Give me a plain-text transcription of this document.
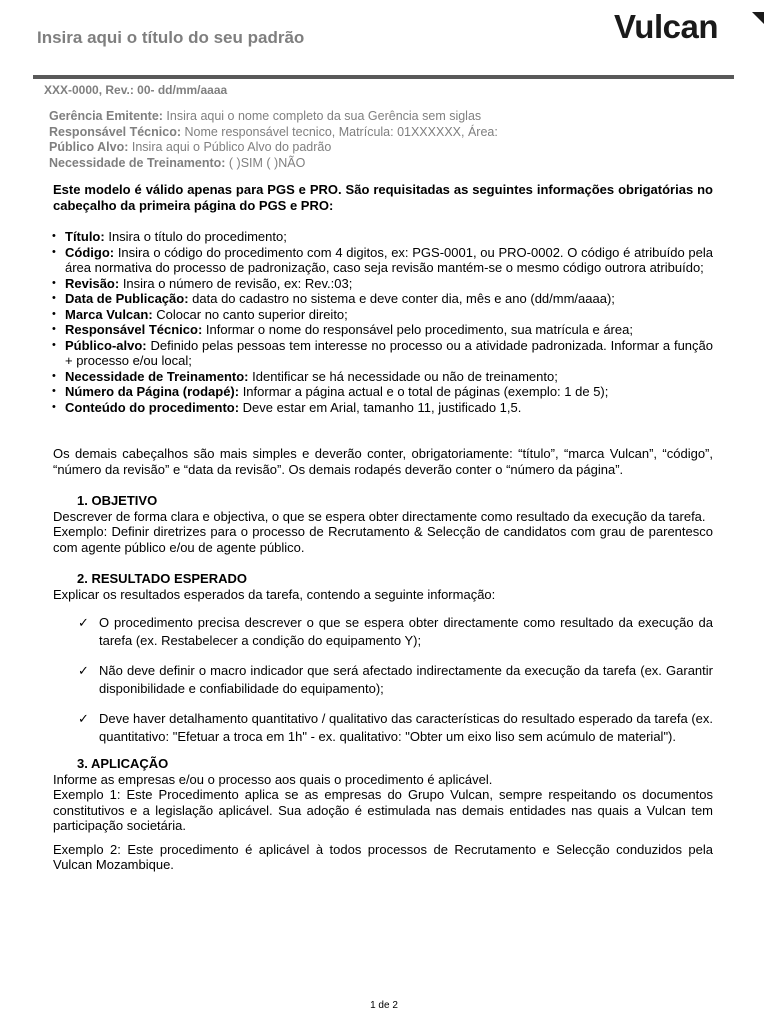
Insira aqui o título do seu padrão	Vulcan
XXX-0000, Rev.: 00- dd/mm/aaaa
Gerência Emitente: Insira aqui o nome completo da sua Gerência sem siglas
Responsável Técnico: Nome responsável tecnico, Matrícula: 01XXXXXX, Área:
Público Alvo: Insira aqui o Público Alvo do padrão
Necessidade de Treinamento: ( )SIM ( )NÃO

Este modelo é válido apenas para PGS e PRO. São requisitadas as seguintes informações obrigatórias no cabeçalho da primeira página do PGS e PRO:

• Título: Insira o título do procedimento;
• Código: Insira o código do procedimento com 4 digitos, ex: PGS-0001, ou PRO-0002. O código é atribuído pela área normativa do processo de padronização, caso seja revisão mantém-se o mesmo código outrora atribuído;
• Revisão: Insira o número de revisão, ex: Rev.:03;
• Data de Publicação: data do cadastro no sistema e deve conter dia, mês e ano (dd/mm/aaaa);
• Marca Vulcan: Colocar no canto superior direito;
• Responsável Técnico: Informar o nome do responsável pelo procedimento, sua matrícula e área;
• Público-alvo: Definido pelas pessoas tem interesse no processo ou a atividade padronizada. Informar a função + processo e/ou local;
• Necessidade de Treinamento: Identificar se há necessidade ou não de treinamento;
• Número da Página (rodapé): Informar a página actual e o total de páginas (exemplo: 1 de 5);
• Conteúdo do procedimento: Deve estar em Arial, tamanho 11, justificado 1,5.

Os demais cabeçalhos são mais simples e deverão conter, obrigatoriamente: “título”, “marca Vulcan”, “código”, “número da revisão” e “data da revisão”. Os demais rodapés deverão conter o “número da página”.

1. OBJETIVO

Descrever de forma clara e objectiva, o que se espera obter directamente como resultado da execução da tarefa.

Exemplo: Definir diretrizes para o processo de Recrutamento & Selecção de candidatos com grau de parentesco com agente público e/ou de agente público.

2. RESULTADO ESPERADO

Explicar os resultados esperados da tarefa, contendo a seguinte informação:

✓ O procedimento precisa descrever o que se espera obter directamente como resultado da execução da tarefa (ex. Restabelecer a condição do equipamento Y);
✓ Não deve definir o macro indicador que será afectado indirectamente da execução da tarefa (ex. Garantir disponibilidade e confiabilidade do equipamento);
✓ Deve haver detalhamento quantitativo / qualitativo das características do resultado esperado da tarefa (ex. quantitativo: "Efetuar a troca em 1h" - ex. qualitativo: "Obter um eixo liso sem acúmulo de material").

3. APLICAÇÃO

Informe as empresas e/ou o processo aos quais o procedimento é aplicável.

Exemplo 1: Este Procedimento aplica se as empresas do Grupo Vulcan, sempre respeitando os documentos constitutivos e a legislação aplicável. Sua adoção é estimulada nas demais entidades nas quais a Vulcan tem participação societária.

Exemplo 2: Este procedimento é aplicável à todos processos de Recrutamento e Selecção conduzidos pela Vulcan Mozambique.

1 de 2
